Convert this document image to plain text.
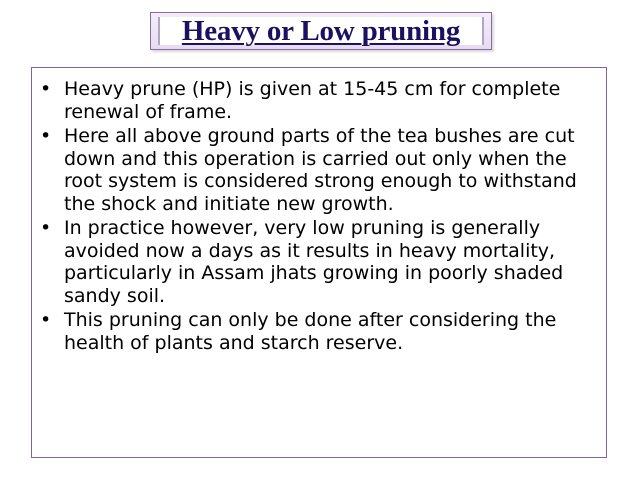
Heavy or Low pruning
• Heavy prune (HP) is given at 15-45 cm for complete renewal of frame.
• Here all above ground parts of the tea bushes are cut down and this operation is carried out only when the root system is considered strong enough to withstand the shock and initiate new growth.
• In practice however, very low pruning is generally avoided now a days as it results in heavy mortality, particularly in Assam jhats growing in poorly shaded sandy soil.
• This pruning can only be done after considering the health of plants and starch reserve.
